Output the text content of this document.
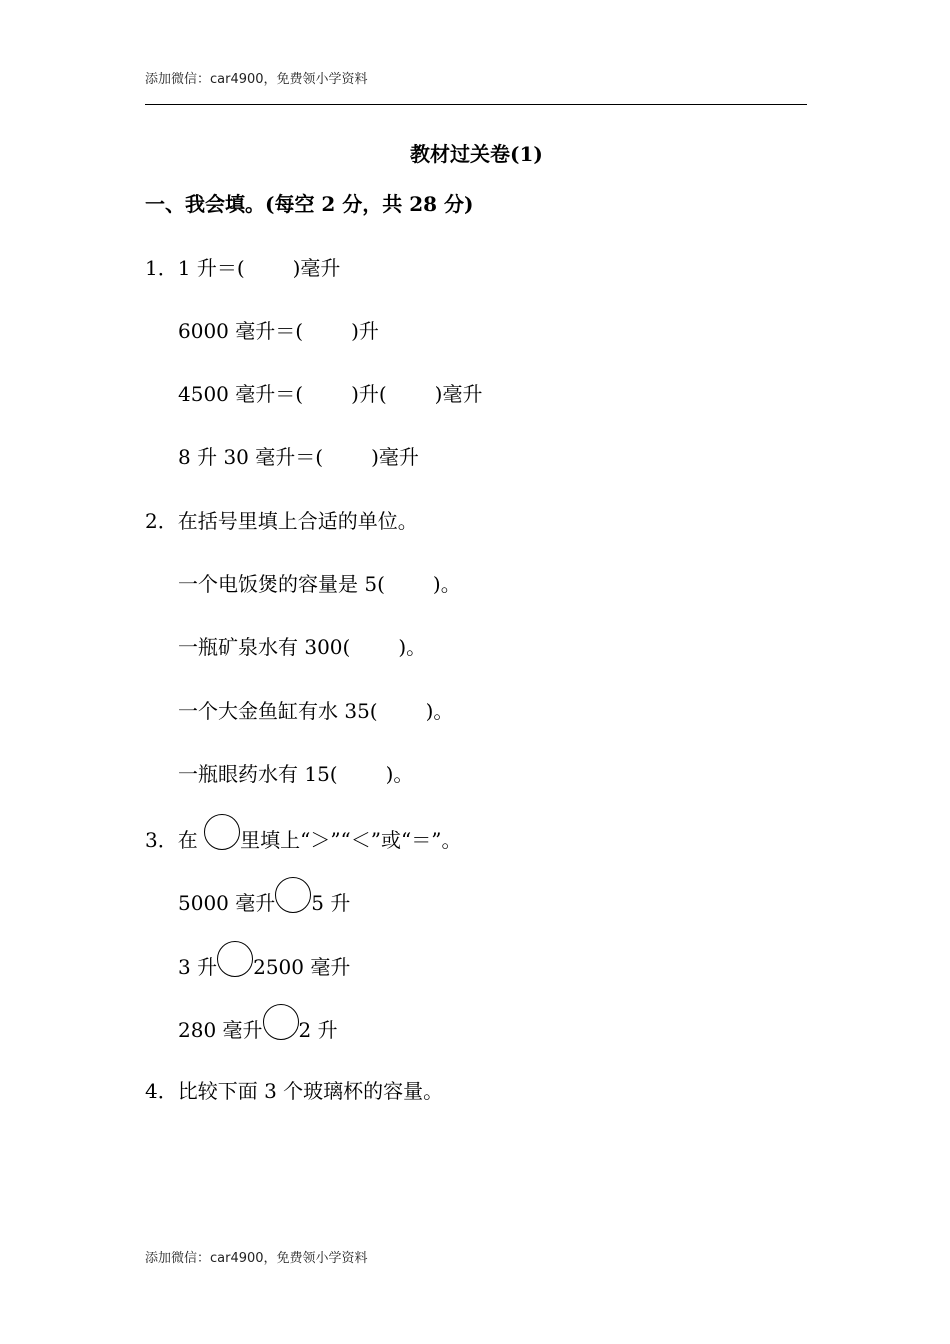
添加微信：car4900，免费领小学资料
教材过关卷(1)
一、我会填。(每空 2 分，共 28 分)
1．1 升＝( )毫升
6000 毫升＝( )升
4500 毫升＝( )升( )毫升
8 升 30 毫升＝( )毫升
2．在括号里填上合适的单位。
一个电饭煲的容量是 5( )。
一瓶矿泉水有 300( )。
一个大金鱼缸有水 35( )。
一瓶眼药水有 15( )。
3．在 里填上“＞”“＜”或“＝”。
5000 毫升 5 升
3 升 2500 毫升
280 毫升 2 升
4．比较下面 3 个玻璃杯的容量。
添加微信：car4900，免费领小学资料
